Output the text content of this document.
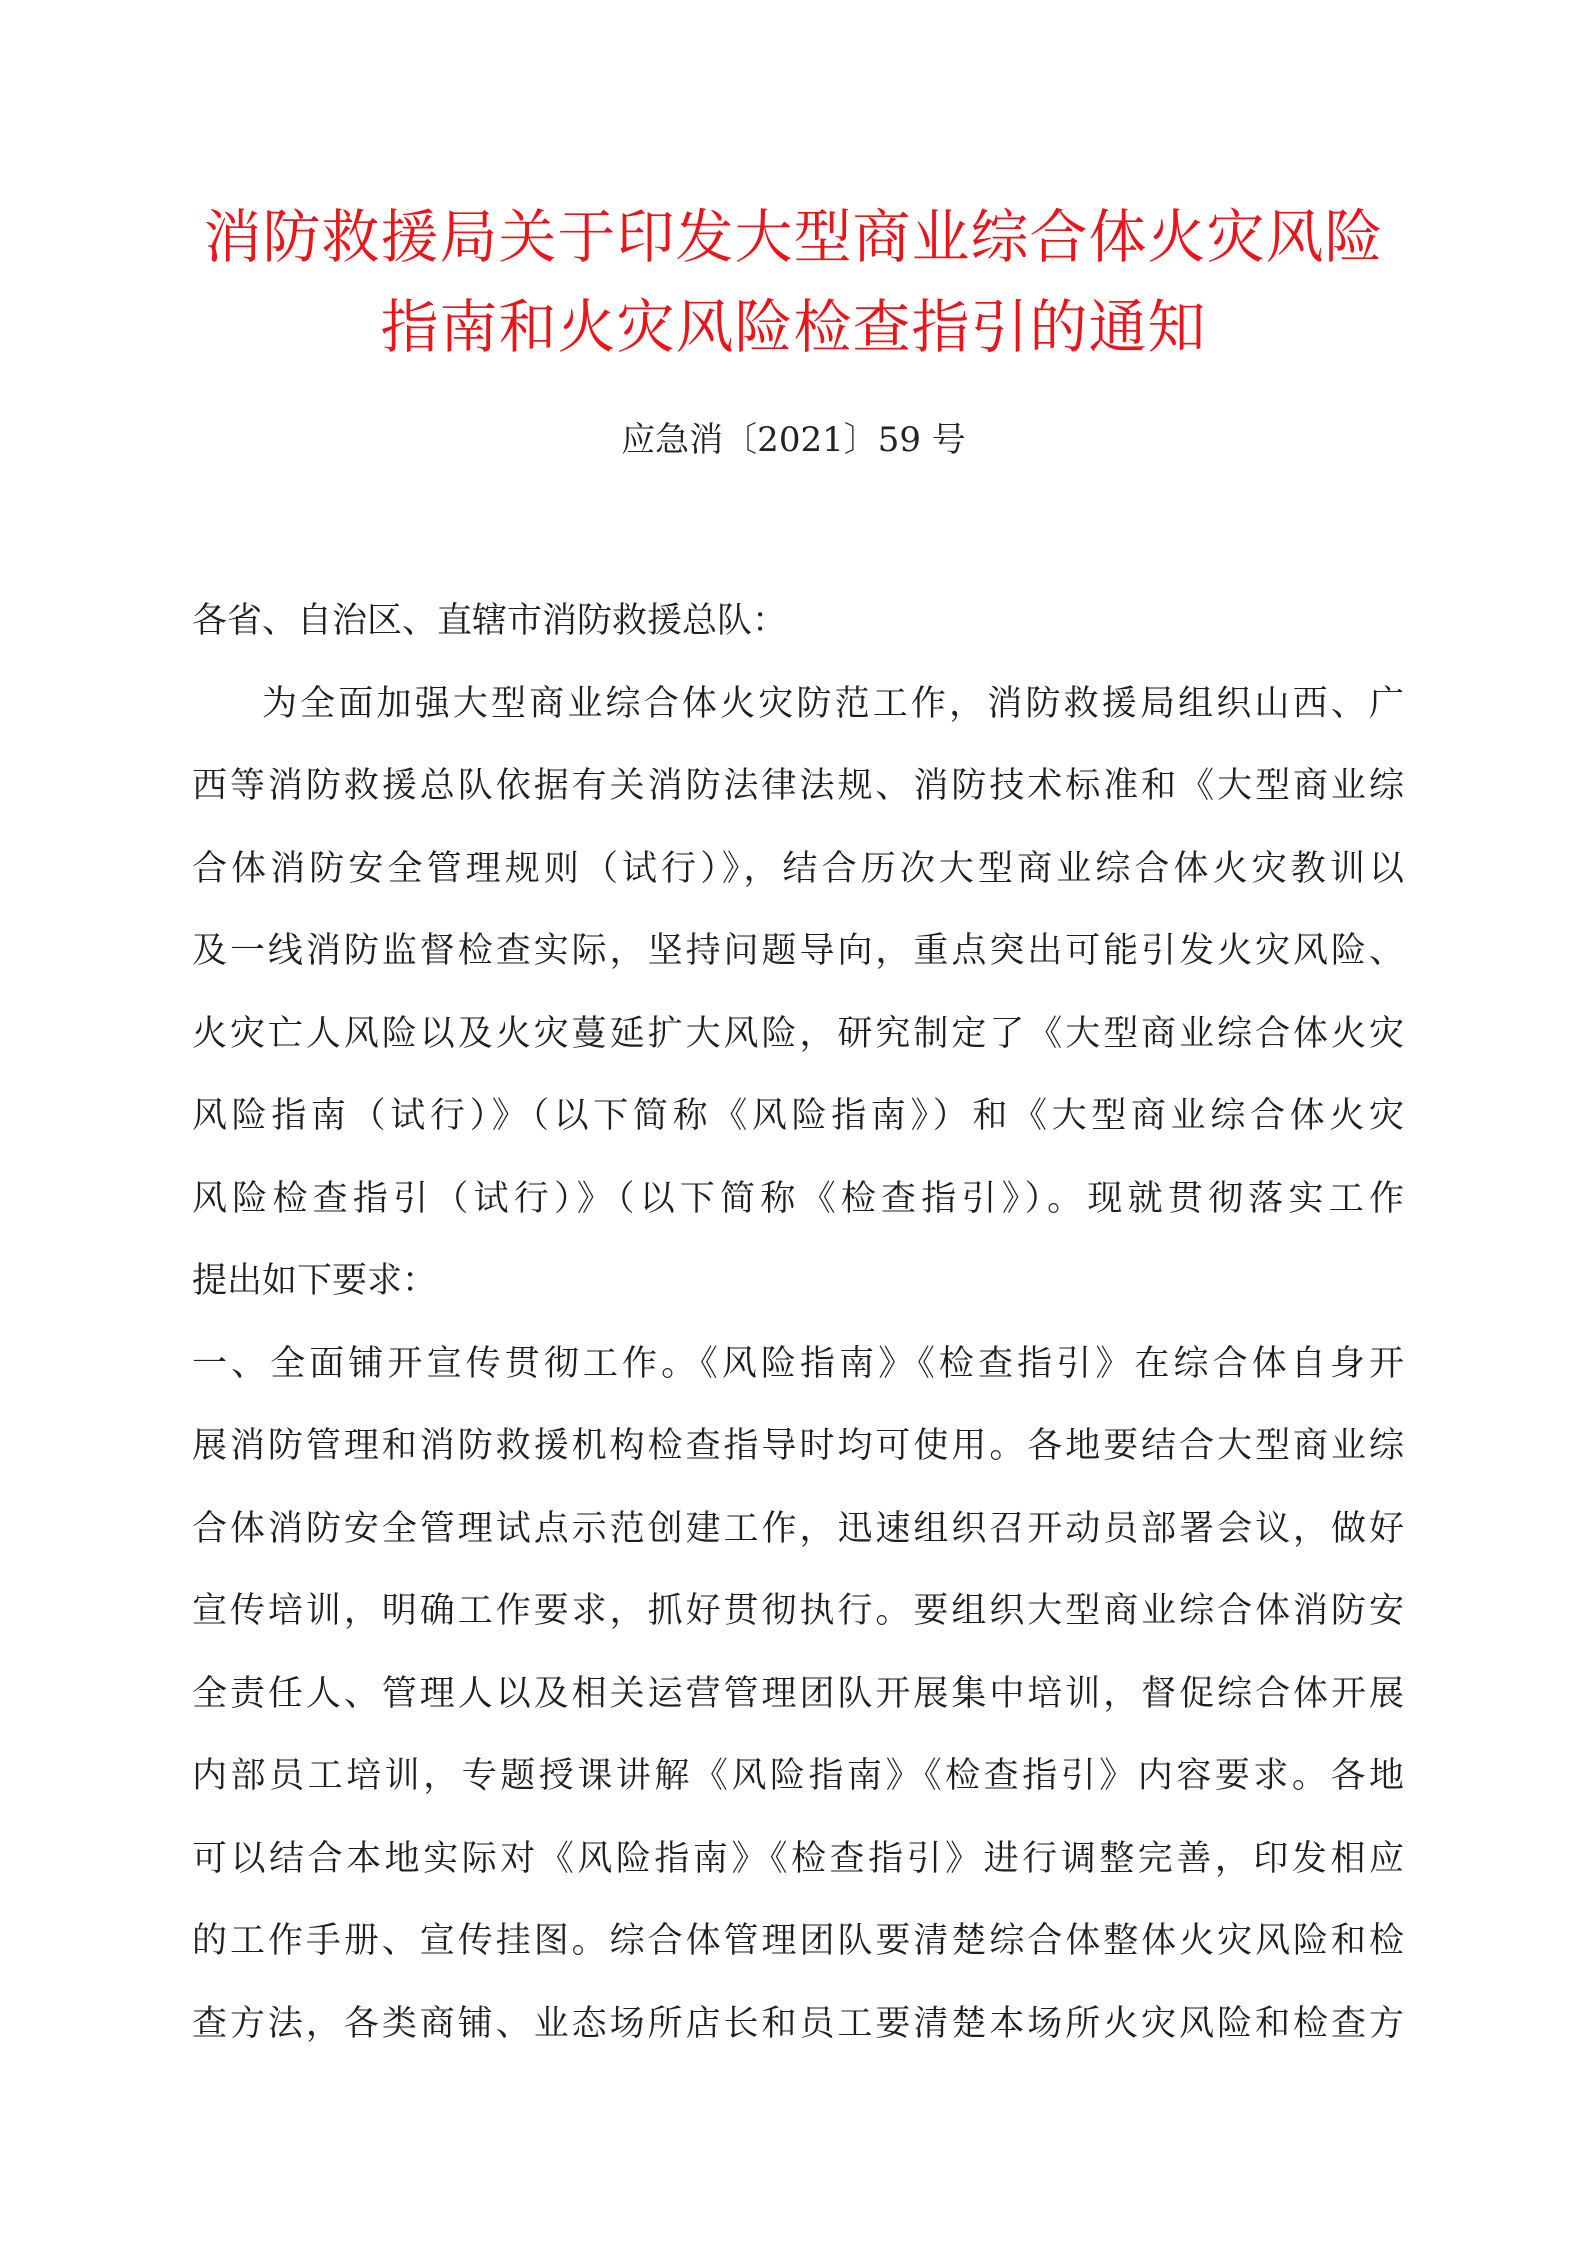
消防救援局关于印发大型商业综合体火灾风险
指南和火灾风险检查指引的通知
应急消〔2021〕59 号
各省、自治区、直辖市消防救援总队：
为全面加强大型商业综合体火灾防范工作，消防救援局组织山西、广
西等消防救援总队依据有关消防法律法规、消防技术标准和《大型商业综
合体消防安全管理规则（试行）》，结合历次大型商业综合体火灾教训以
及一线消防监督检查实际，坚持问题导向，重点突出可能引发火灾风险、
火灾亡人风险以及火灾蔓延扩大风险，研究制定了《大型商业综合体火灾
风险指南（试行）》（以下简称《风险指南》）和《大型商业综合体火灾
风险检查指引（试行）》（以下简称《检查指引》）。现就贯彻落实工作
提出如下要求：
一、全面铺开宣传贯彻工作。《风险指南》《检查指引》在综合体自身开
展消防管理和消防救援机构检查指导时均可使用。各地要结合大型商业综
合体消防安全管理试点示范创建工作，迅速组织召开动员部署会议，做好
宣传培训，明确工作要求，抓好贯彻执行。要组织大型商业综合体消防安
全责任人、管理人以及相关运营管理团队开展集中培训，督促综合体开展
内部员工培训，专题授课讲解《风险指南》《检查指引》内容要求。各地
可以结合本地实际对《风险指南》《检查指引》进行调整完善，印发相应
的工作手册、宣传挂图。综合体管理团队要清楚综合体整体火灾风险和检
查方法，各类商铺、业态场所店长和员工要清楚本场所火灾风险和检查方
